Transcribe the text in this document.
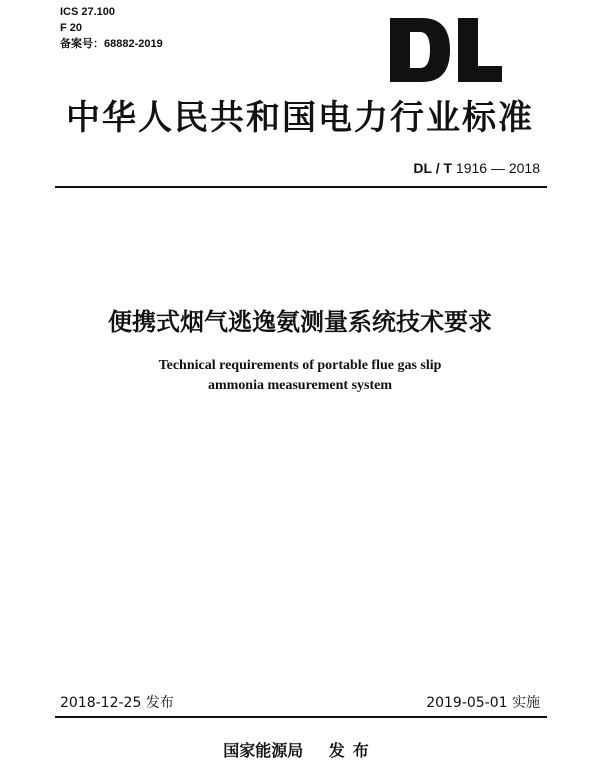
ICS 27.100
F 20
备案号：68882-2019
中华人民共和国电力行业标准
DL / T 1916 — 2018
便携式烟气逃逸氨测量系统技术要求
Technical requirements of portable flue gas slip
ammonia measurement system
2018-12-25 发布	2019-05-01 实施
国家能源局 发布
